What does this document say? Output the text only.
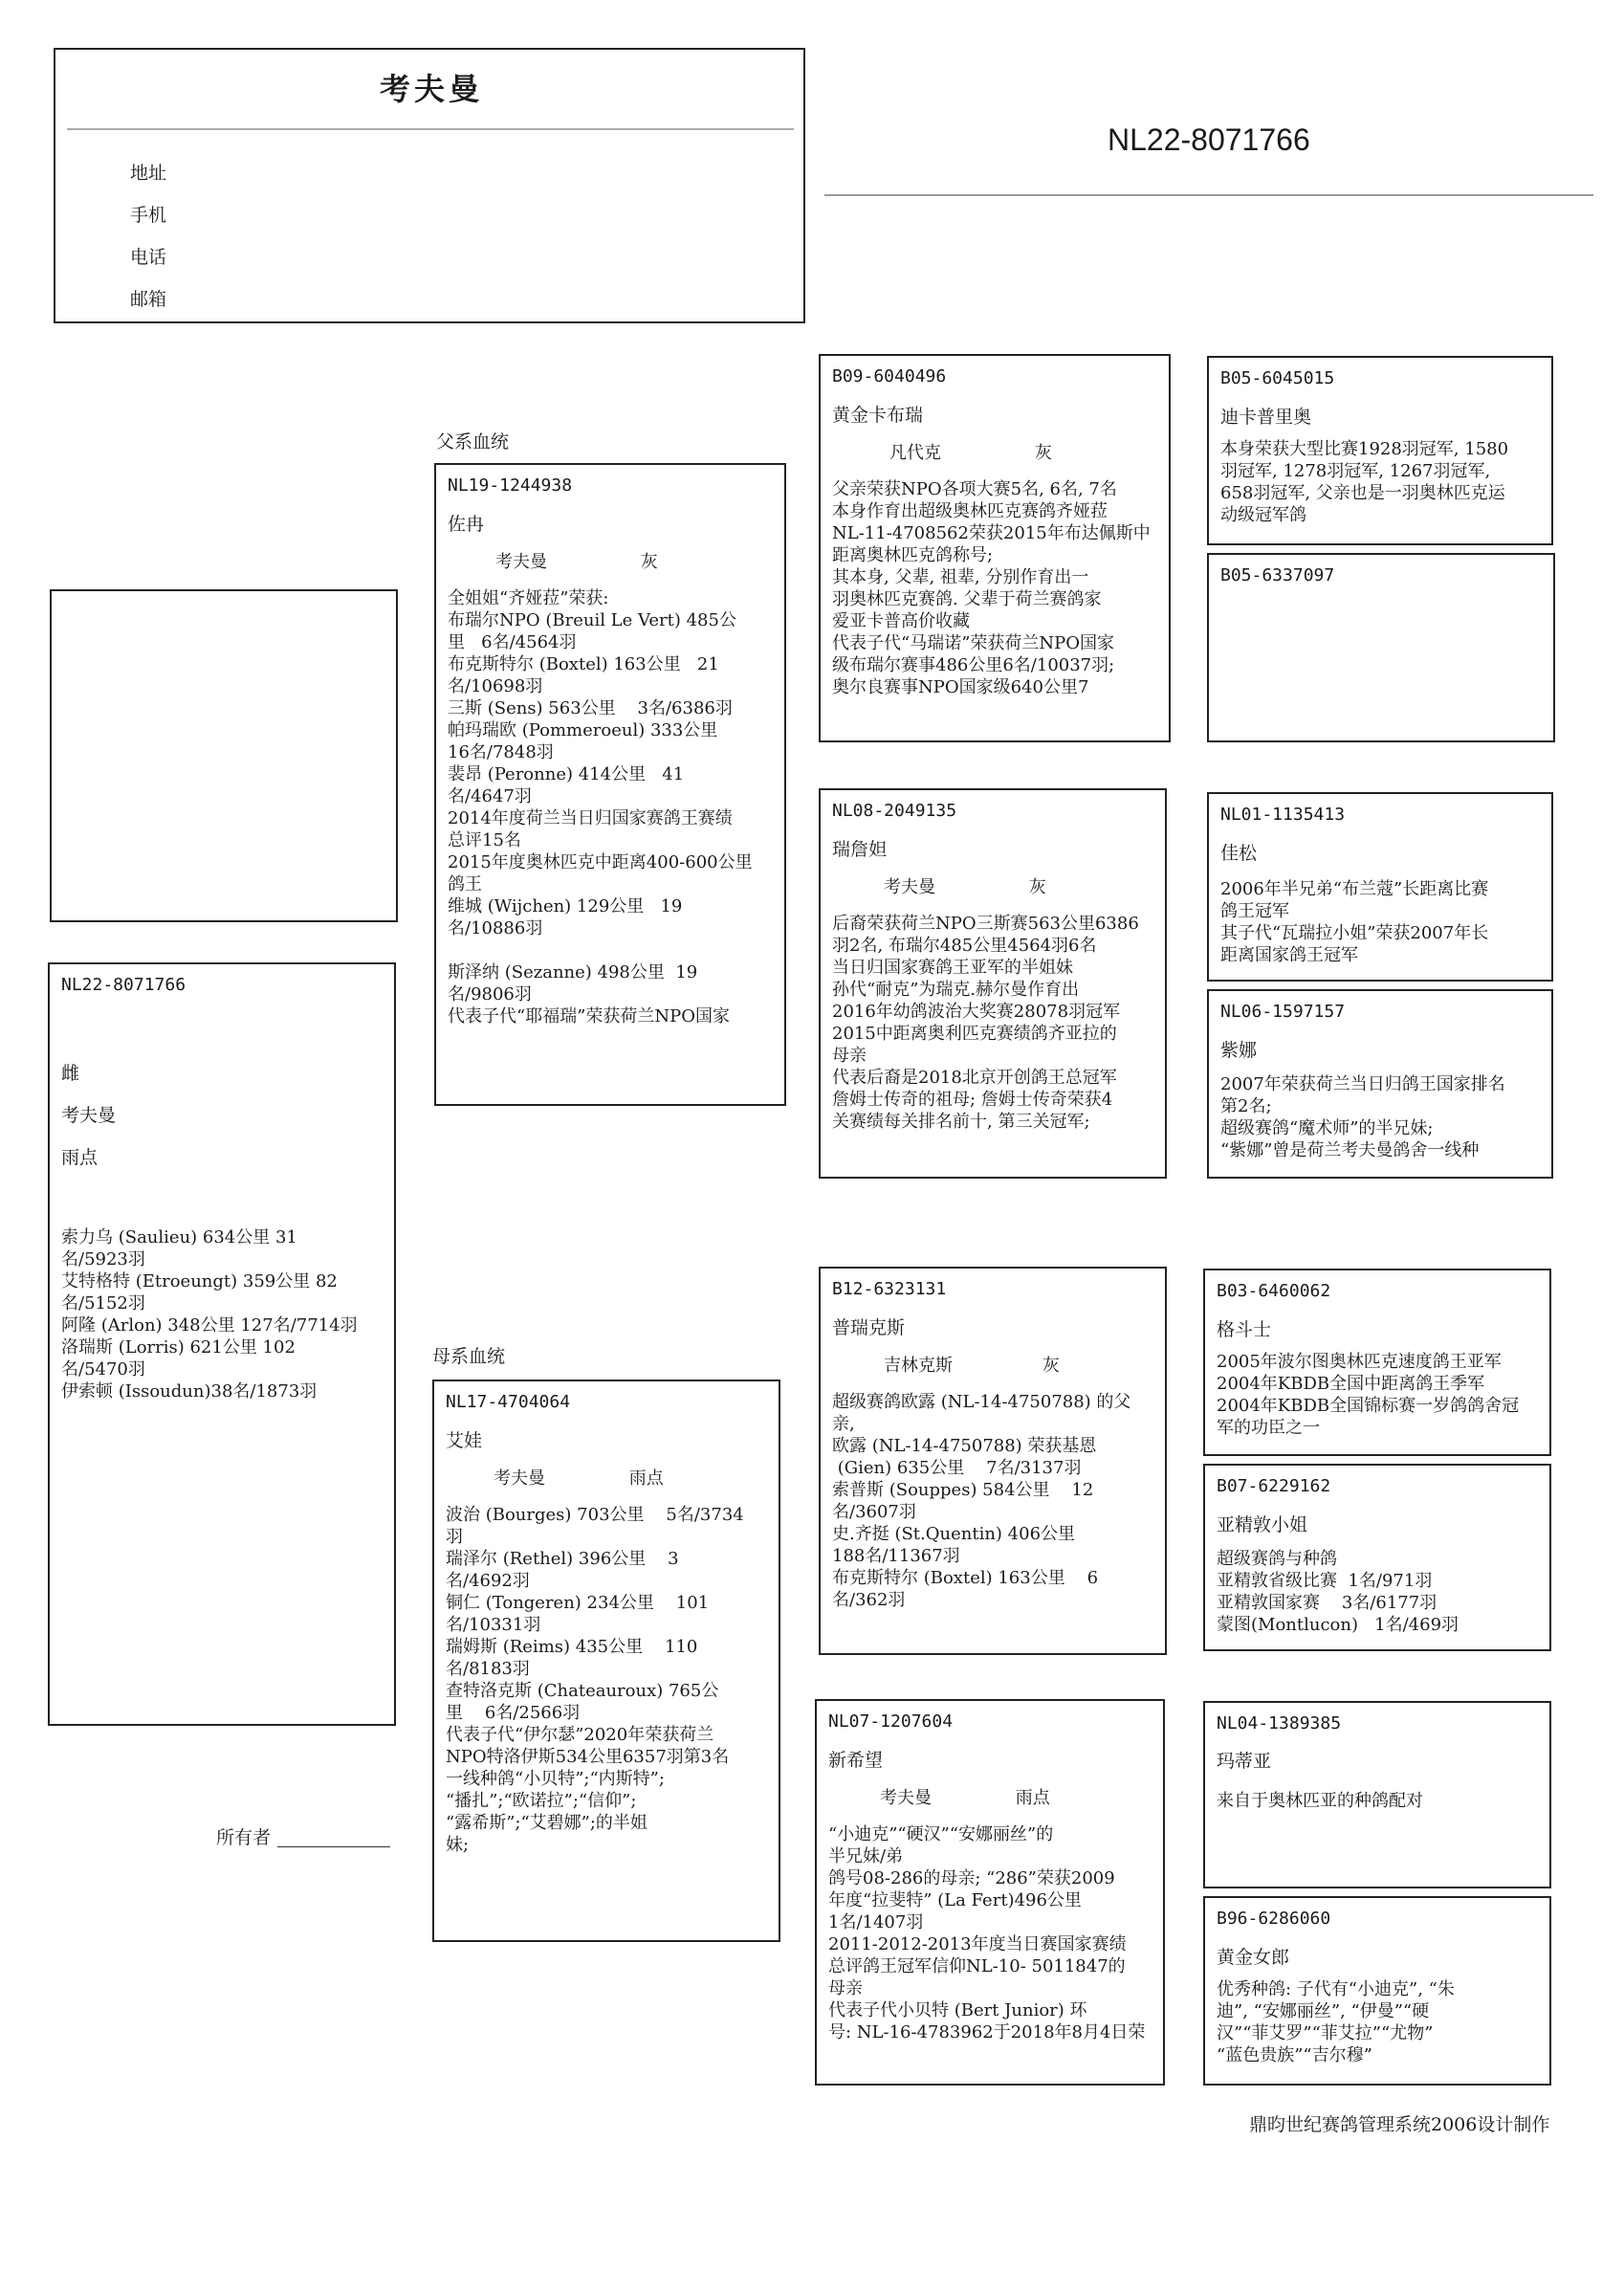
考夫曼
地址
手机
电话
邮箱
NL22-8071766
NL22-8071766
雌
考夫曼
雨点
索力乌 (Saulieu) 634公里 31
名/5923羽
艾特格特 (Etroeungt) 359公里 82
名/5152羽
阿隆 (Arlon) 348公里 127名/7714羽
洛瑞斯 (Lorris) 621公里 102
名/5470羽
伊索顿 (Issoudun)38名/1873羽
父系血统
母系血统
NL19-1244938
佐冉
考夫曼	灰
全姐姐“齐娅菈”荣获:
布瑞尔NPO (Breuil Le Vert) 485公
里   6名/4564羽
布克斯特尔 (Boxtel) 163公里   21
名/10698羽
三斯 (Sens) 563公里    3名/6386羽
帕玛瑞欧 (Pommeroeul) 333公里
16名/7848羽
裴昂 (Peronne) 414公里   41
名/4647羽
2014年度荷兰当日归国家赛鸽王赛绩
总评15名
2015年度奥林匹克中距离400-600公里
鸽王
维城 (Wijchen) 129公里   19
名/10886羽

斯泽纳 (Sezanne) 498公里  19
名/9806羽
代表子代“耶福瑞”荣获荷兰NPO国家
NL17-4704064
艾娃
考夫曼	雨点
波治 (Bourges) 703公里    5名/3734
羽
瑞泽尔 (Rethel) 396公里    3
名/4692羽
铜仁 (Tongeren) 234公里    101
名/10331羽
瑞姆斯 (Reims) 435公里    110
名/8183羽
查特洛克斯 (Chateauroux) 765公
里    6名/2566羽
代表子代“伊尔瑟”2020年荣获荷兰
NPO特洛伊斯534公里6357羽第3名
一线种鸽“小贝特”;“内斯特”;
“播扎”;“欧诺拉”;“信仰”;
“露希斯”;“艾碧娜”;的半姐
妹;
B09-6040496
黄金卡布瑞
凡代克	灰
父亲荣获NPO各项大赛5名, 6名, 7名
本身作育出超级奥林匹克赛鸽齐娅菈
NL-11-4708562荣获2015年布达佩斯中
距离奥林匹克鸽称号;
其本身, 父辈, 祖辈, 分别作育出一
羽奥林匹克赛鸽. 父辈于荷兰赛鸽家
爱亚卡普高价收藏
代表子代“马瑞诺”荣获荷兰NPO国家
级布瑞尔赛事486公里6名/10037羽;
奥尔良赛事NPO国家级640公里7
NL08-2049135
瑞詹妲
考夫曼	灰
后裔荣获荷兰NPO三斯赛563公里6386
羽2名, 布瑞尔485公里4564羽6名
当日归国家赛鸽王亚军的半姐妹
孙代“耐克”为瑞克.赫尔曼作育出
2016年幼鸽波治大奖赛28078羽冠军
2015中距离奥利匹克赛绩鸽齐亚拉的
母亲
代表后裔是2018北京开创鸽王总冠军
詹姆士传奇的祖母; 詹姆士传奇荣获4
关赛绩每关排名前十, 第三关冠军;
B12-6323131
普瑞克斯
吉林克斯	灰
超级赛鸽欧露 (NL-14-4750788) 的父
亲,
欧露 (NL-14-4750788) 荣获基恩
(Gien) 635公里    7名/3137羽
索普斯 (Souppes) 584公里    12
名/3607羽
史.齐挺 (St.Quentin) 406公里
188名/11367羽
布克斯特尔 (Boxtel) 163公里    6
名/362羽
NL07-1207604
新希望
考夫曼	雨点
“小迪克”“硬汉”“安娜丽丝”的
半兄妹/弟
鸽号08-286的母亲; “286”荣获2009
年度“拉斐特” (La Fert)496公里
1名/1407羽
2011-2012-2013年度当日赛国家赛绩
总评鸽王冠军信仰NL-10- 5011847的
母亲
代表子代小贝特 (Bert Junior) 环
号: NL-16-4783962于2018年8月4日荣
B05-6045015
迪卡普里奥
本身荣获大型比赛1928羽冠军, 1580
羽冠军, 1278羽冠军, 1267羽冠军,
658羽冠军, 父亲也是一羽奥林匹克运
动级冠军鸽
B05-6337097
NL01-1135413
佳松
2006年半兄弟“布兰蔻”长距离比赛
鸽王冠军
其子代“瓦瑞拉小姐”荣获2007年长
距离国家鸽王冠军
NL06-1597157
紫娜
2007年荣获荷兰当日归鸽王国家排名
第2名;
超级赛鸽“魔术师”的半兄妹;
“紫娜”曾是荷兰考夫曼鸽舍一线种
B03-6460062
格斗士
2005年波尔图奥林匹克速度鸽王亚军
2004年KBDB全国中距离鸽王季军
2004年KBDB全国锦标赛一岁鸽鸽舍冠
军的功臣之一
B07-6229162
亚精敦小姐
超级赛鸽与种鸽
亚精敦省级比赛  1名/971羽
亚精敦国家赛    3名/6177羽
蒙图(Montlucon)   1名/469羽
NL04-1389385
玛蒂亚
来自于奥林匹亚的种鸽配对
B96-6286060
黄金女郎
优秀种鸽: 子代有“小迪克”, “朱
迪”, “安娜丽丝”, “伊曼”“硬
汉”“菲艾罗”“菲艾拉”“尤物”
“蓝色贵族”“吉尔穆”
所有者
鼎昀世纪赛鸽管理系统2006设计制作
